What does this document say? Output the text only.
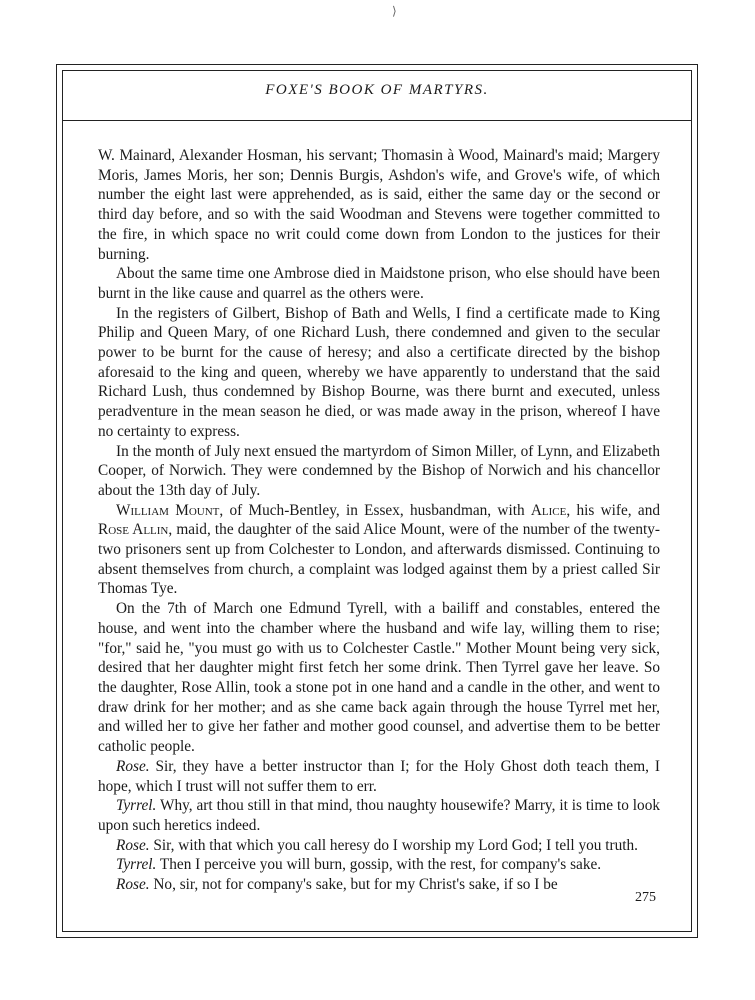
⟩
FOXE'S BOOK OF MARTYRS.

W. Mainard, Alexander Hosman, his servant; Thomasin à Wood, Mainard's maid; Margery Moris, James Moris, her son; Dennis Burgis, Ashdon's wife, and Grove's wife, of which number the eight last were apprehended, as is said, either the same day or the second or third day before, and so with the said Woodman and Stevens were together committed to the fire, in which space no writ could come down from London to the justices for their burning.

About the same time one Ambrose died in Maidstone prison, who else should have been burnt in the like cause and quarrel as the others were.

In the registers of Gilbert, Bishop of Bath and Wells, I find a certificate made to King Philip and Queen Mary, of one Richard Lush, there condemned and given to the secular power to be burnt for the cause of heresy; and also a certificate directed by the bishop aforesaid to the king and queen, whereby we have apparently to understand that the said Richard Lush, thus condemned by Bishop Bourne, was there burnt and executed, unless peradventure in the mean season he died, or was made away in the prison, whereof I have no certainty to express.

In the month of July next ensued the martyrdom of Simon Miller, of Lynn, and Elizabeth Cooper, of Norwich. They were condemned by the Bishop of Norwich and his chancellor about the 13th day of July.

William Mount, of Much-Bentley, in Essex, husbandman, with Alice, his wife, and Rose Allin, maid, the daughter of the said Alice Mount, were of the number of the twenty-two prisoners sent up from Colchester to London, and afterwards dismissed. Continuing to absent themselves from church, a complaint was lodged against them by a priest called Sir Thomas Tye.

On the 7th of March one Edmund Tyrell, with a bailiff and constables, entered the house, and went into the chamber where the husband and wife lay, willing them to rise; "for," said he, "you must go with us to Colchester Castle." Mother Mount being very sick, desired that her daughter might first fetch her some drink. Then Tyrrel gave her leave. So the daughter, Rose Allin, took a stone pot in one hand and a candle in the other, and went to draw drink for her mother; and as she came back again through the house Tyrrel met her, and willed her to give her father and mother good counsel, and advertise them to be better catholic people.

Rose. Sir, they have a better instructor than I; for the Holy Ghost doth teach them, I hope, which I trust will not suffer them to err.

Tyrrel. Why, art thou still in that mind, thou naughty housewife? Marry, it is time to look upon such heretics indeed.

Rose. Sir, with that which you call heresy do I worship my Lord God; I tell you truth.

Tyrrel. Then I perceive you will burn, gossip, with the rest, for company's sake.

Rose. No, sir, not for company's sake, but for my Christ's sake, if so I be

275
